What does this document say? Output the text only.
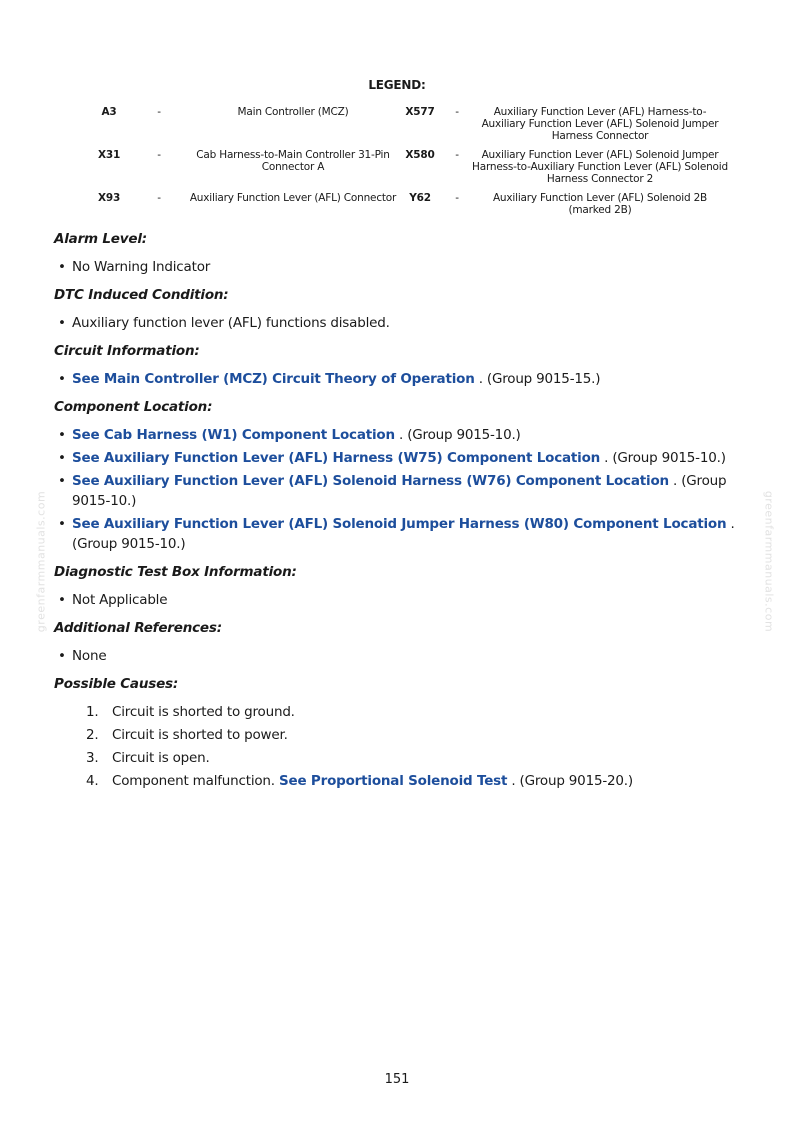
LEGEND:
A3	-	Main Controller (MCZ)	X577	-	Auxiliary Function Lever (AFL) Harness-to-Auxiliary Function Lever (AFL) Solenoid Jumper Harness Connector
X31	-	Cab Harness-to-Main Controller 31-Pin Connector A	X580	-	Auxiliary Function Lever (AFL) Solenoid Jumper Harness-to-Auxiliary Function Lever (AFL) Solenoid Harness Connector 2
X93	-	Auxiliary Function Lever (AFL) Connector	Y62	-	Auxiliary Function Lever (AFL) Solenoid 2B (marked 2B)
Alarm Level:
• No Warning Indicator
DTC Induced Condition:
• Auxiliary function lever (AFL) functions disabled.
Circuit Information:
• See Main Controller (MCZ) Circuit Theory of Operation . (Group 9015-15.)
Component Location:
• See Cab Harness (W1) Component Location . (Group 9015-10.)
• See Auxiliary Function Lever (AFL) Harness (W75) Component Location . (Group 9015-10.)
• See Auxiliary Function Lever (AFL) Solenoid Harness (W76) Component Location . (Group 9015-10.)
• See Auxiliary Function Lever (AFL) Solenoid Jumper Harness (W80) Component Location . (Group 9015-10.)
Diagnostic Test Box Information:
• Not Applicable
Additional References:
• None
Possible Causes:
1. Circuit is shorted to ground.
2. Circuit is shorted to power.
3. Circuit is open.
4. Component malfunction. See Proportional Solenoid Test . (Group 9015-20.)
greenfarmmanuals.com	greenfarmmanuals.com
151
